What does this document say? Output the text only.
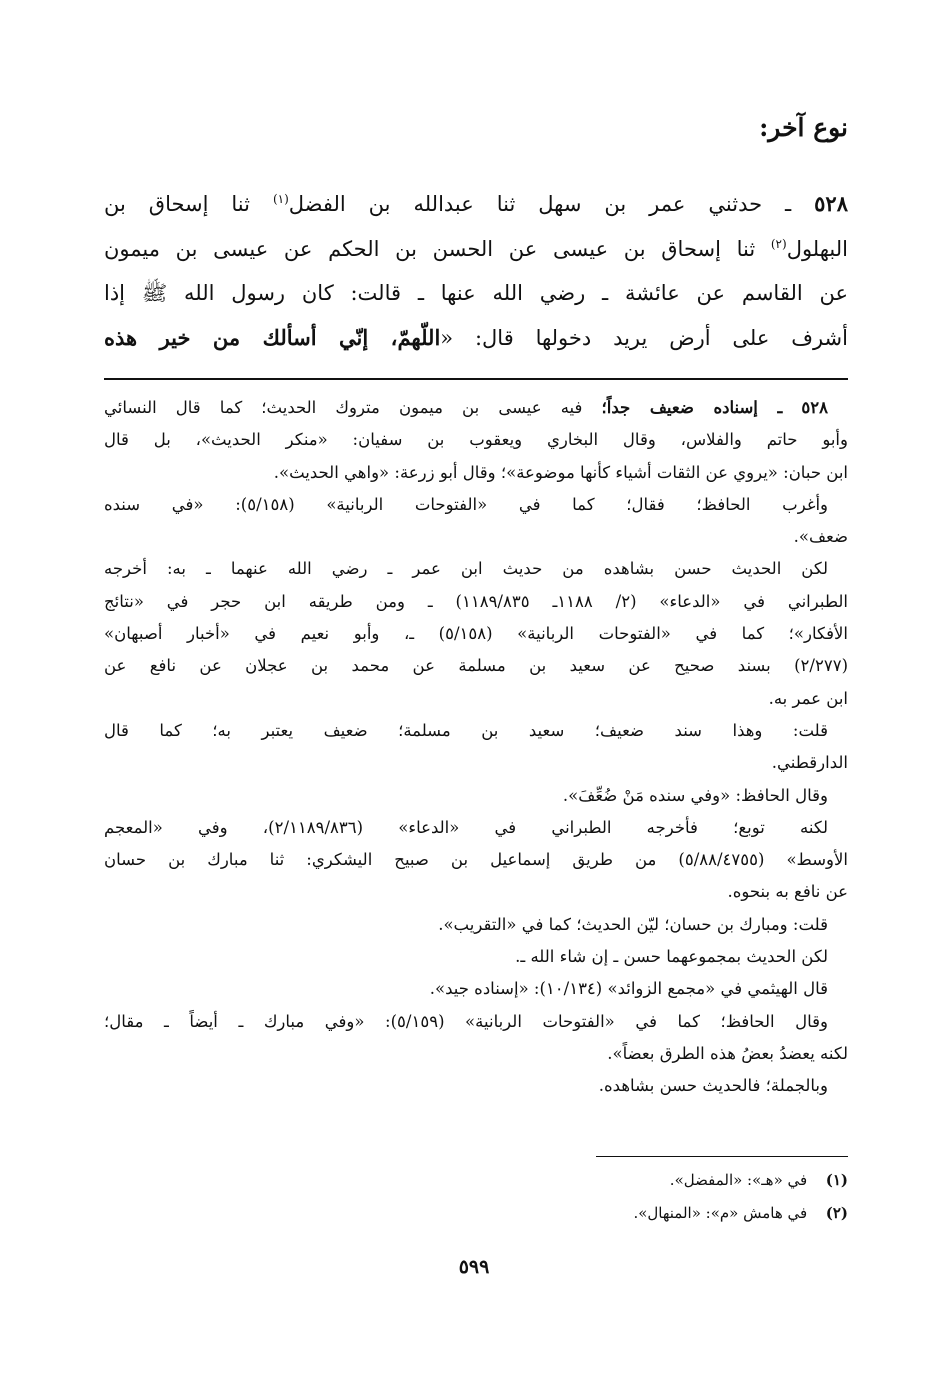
نوع آخر:
٥٢٨ ـ حدثني عمر بن سهل ثنا عبدالله بن الفضل$^{(١)}$ ثنا إسحاق بن
البهلول$^{(٢)}$ ثنا إسحاق بن عيسى عن الحسن بن الحكم عن عيسى بن ميمون
عن القاسم عن عائشة ـ رضي الله عنها ـ قالت: كان رسول الله ﷺ إذا
أشرف على أرض يريد دخولها قال: «اللّهمّ، إنّي أسألك من خير هذه
٥٢٨ ـ إسناده ضعيف جداً؛ فيه عيسى بن ميمون متروك الحديث؛ كما قال النسائي
وأبو حاتم والفلاس، وقال البخاري ويعقوب بن سفيان: «منكر الحديث»، بل قال
ابن حبان: «يروي عن الثقات أشياء كأنها موضوعة»؛ وقال أبو زرعة: «واهي الحديث».
وأغرب الحافظ؛ فقال؛ كما في «الفتوحات الربانية» (٥/١٥٨): «في سنده
ضعف».
لكن الحديث حسن بشاهده من حديث ابن عمر ـ رضي الله عنهما ـ به: أخرجه
الطبراني في «الدعاء» (٢/ ١١٨٨ـ ١١٨٩/٨٣٥) ـ ومن طريقه ابن حجر في «نتائج
الأفكار»؛ كما في «الفتوحات الربانية» (٥/١٥٨) ـ، وأبو نعيم في «أخبار أصبهان»
(٢/٢٧٧) بسند صحيح عن سعيد بن مسلمة عن محمد بن عجلان عن نافع عن
ابن عمر به.
قلت: وهذا سند ضعيف؛ سعيد بن مسلمة؛ ضعيف يعتبر به؛ كما قال
الدارقطني.
وقال الحافظ: «وفي سنده مَنْ ضُعِّفَ».
لكنه توبع؛ فأخرجه الطبراني في «الدعاء» (٢/١١٨٩/٨٣٦)، وفي «المعجم
الأوسط» (٥/٨٨/٤٧٥٥) من طريق إسماعيل بن صبيح اليشكري: ثنا مبارك بن حسان
عن نافع به بنحوه.
قلت: ومبارك بن حسان؛ ليّن الحديث؛ كما في «التقريب».
لكن الحديث بمجموعهما حسن ـ إن شاء الله ـ.
قال الهيثمي في «مجمع الزوائد» (١٠/١٣٤): «إسناده جيد».
وقال الحافظ؛ كما في «الفتوحات الربانية» (٥/١٥٩): «وفي مبارك ـ أيضاً ـ مقال؛
لكنه يعضدُ بعضُ هذه الطرق بعضاً».
وبالجملة؛ فالحديث حسن بشاهده.
(١) في «هـ»: «المفضل».
(٢) في هامش «م»: «المنهال».
٥٩٩
